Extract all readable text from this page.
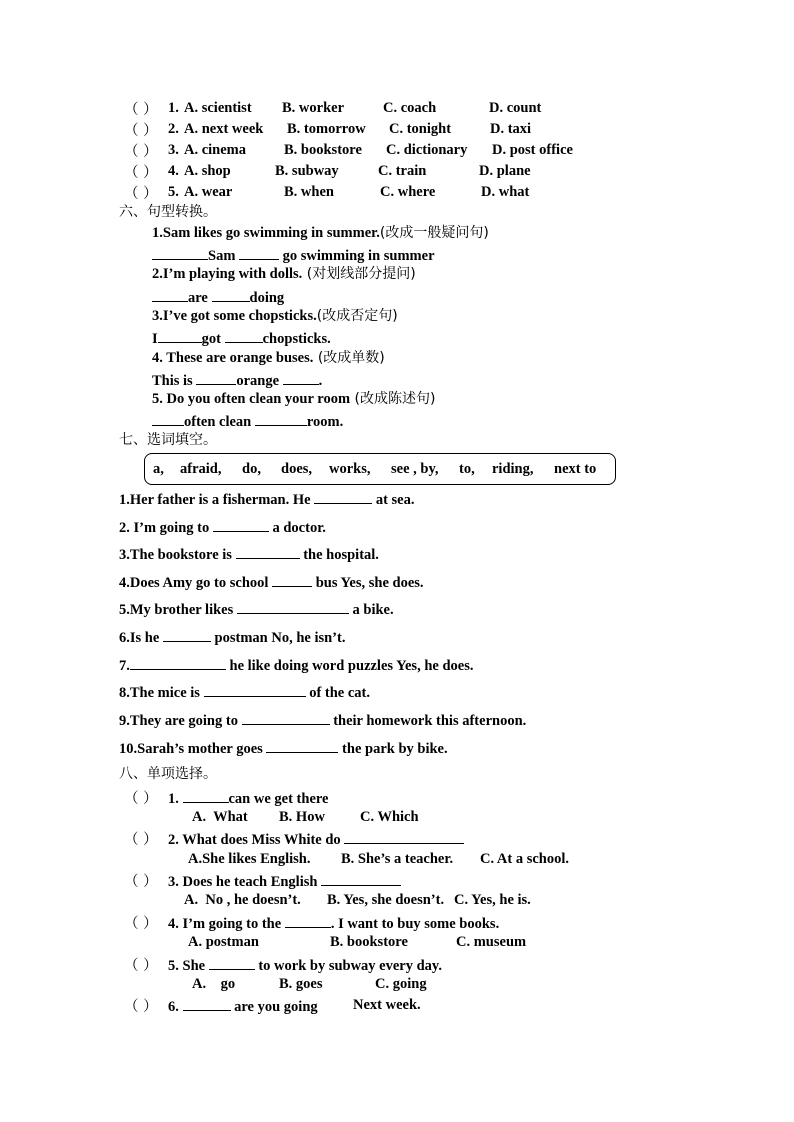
（ ） 1. A. scientist B. worker	C. coach	D. count
（ ） 2. A. next week B. tomorrow C. tonight	D. taxi
（ ） 3. A. cinema	B. bookstore C. dictionary D. post office
（ ） 4. A. shop	B. subway	C. train	D. plane
（ ） 5. A. wear	B. when	C. where	D. what
六、句型转换。
1.Sam likes go swimming in summer.(改成一般疑问句)
Sam	go swimming in summer
2.I’m playing with dolls. (对划线部分提问)
are	doing
3.I’ve got some chopsticks.(改成否定句)
I	got	chopsticks.
4. These are orange buses. (改成单数)
This is	orange	.
5. Do you often clean your room (改成陈述句)
often clean	room.
七、选词填空。
a, afraid, do, does, works, see , by, to, riding, next to
1.Her father is a fisherman. He	at sea.
2. I’m going to	a doctor.
3.The bookstore is	the hospital.
4.Does Amy go to school	bus Yes, she does.
5.My brother likes	a bike.
6.Is he	postman No, he isn’t.
7.	he like doing word puzzles Yes, he does.
8.The mice is	of the cat.
9.They are going to	their homework this afternoon.
10.Sarah’s mother goes	the park by bike.
八、单项选择。
（ ） 1.	can we get there
A.  What B. How C. Which
（ ） 2. What does Miss White do
A.She likes English. B. She’s a teacher. C. At a school.
（ ） 3. Does he teach English
A.  No , he doesn’t. B. Yes, she doesn’t. C. Yes, he is.
（ ） 4. I’m going to the	. I want to buy some books.
A. postman	B. bookstore	C. museum
（ ） 5. She	to work by subway every day.
A.    go	B. goes	C. going
（ ） 6.	are you going Next week.
